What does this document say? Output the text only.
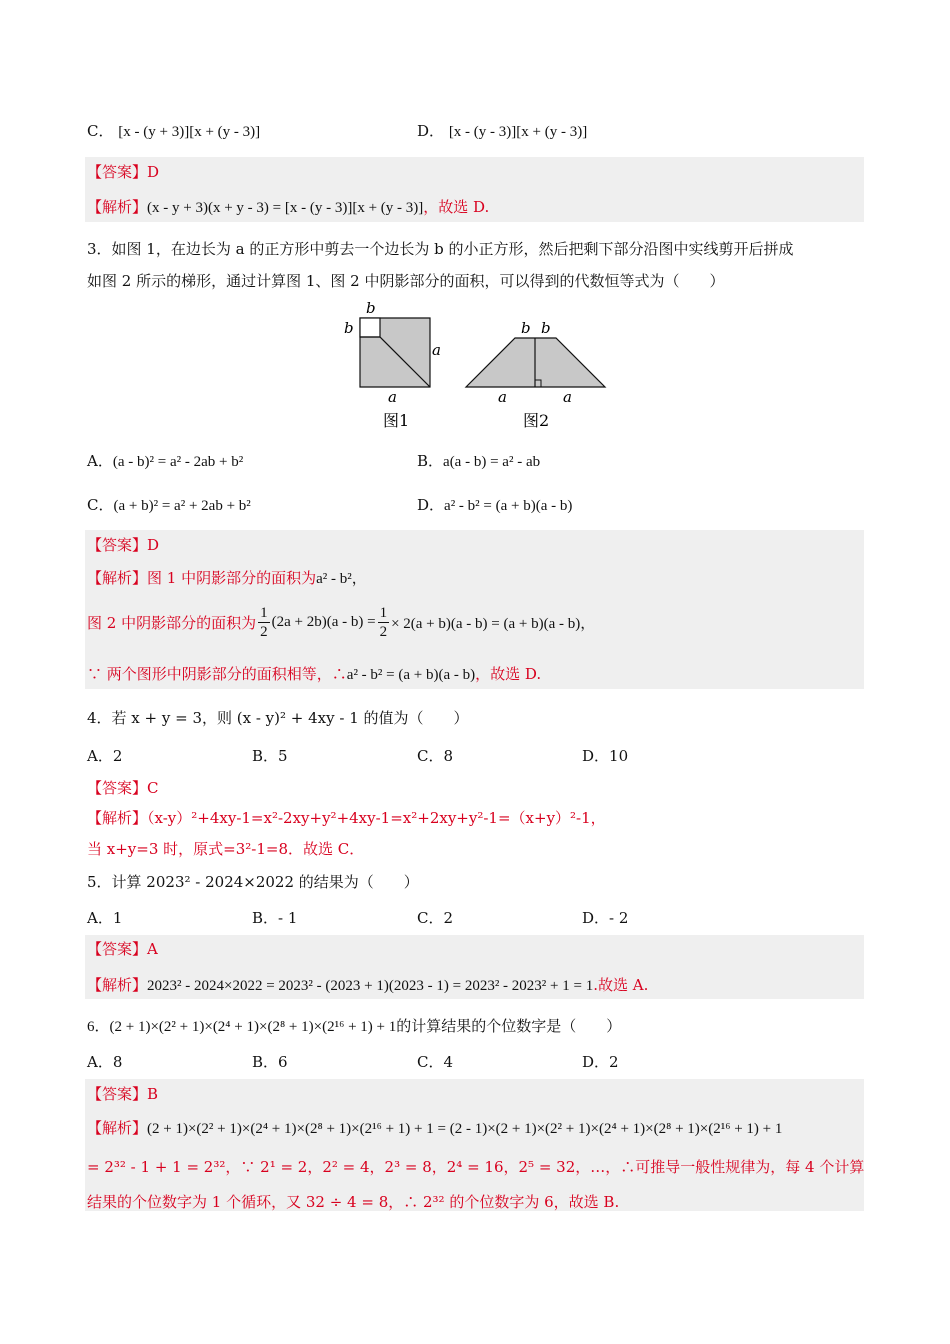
C． [x - (y + 3)][x + (y - 3)]	D． [x - (y - 3)][x + (y - 3)]
【答案】D
【解析】(x - y + 3)(x + y - 3) = [x - (y - 3)][x + (y - 3)]，故选 D.
3．如图 1，在边长为 a 的正方形中剪去一个边长为 b 的小正方形，然后把剩下部分沿图中实线剪开后拼成
如图 2 所示的梯形，通过计算图 1、图 2 中阴影部分的面积，可以得到的代数恒等式为（　　）
b
b
a
a
图1
b b
a	a
图2
A．(a - b)² = a² - 2ab + b²	B．a(a - b) = a² - ab
C．(a + b)² = a² + 2ab + b²	D．a² - b² = (a + b)(a - b)
【答案】D
【解析】图 1 中阴影部分的面积为a² - b²，
图 2 中阴影部分的面积为 $\frac{1}{2} (2a + 2b)(a - b) = \frac{1}{2} \times 2(a + b)(a - b) = (a + b)(a - b)$，
∵ 两个图形中阴影部分的面积相等，∴a² - b² = (a + b)(a - b)，故选 D.
4．若 x + y = 3，则 (x - y)² + 4xy - 1 的值为（　　）
A．2	B．5	C．8	D．10
【答案】C
【解析】（x-y）²+4xy-1=x²-2xy+y²+4xy-1=x²+2xy+y²-1=（x+y）²-1，
当 x+y=3 时，原式=3²-1=8．故选 C．
5．计算 2023² - 2024×2022 的结果为（　　）
A．1	B．- 1	C．2	D．- 2
【答案】A
【解析】2023² - 2024×2022 = 2023² - (2023 + 1)(2023 - 1) = 2023² - 2023² + 1 = 1.故选 A.
6．(2 + 1)×(2² + 1)×(2⁴ + 1)×(2⁸ + 1)×(2¹⁶ + 1) + 1的计算结果的个位数字是（　　）
A．8	B．6	C．4	D．2
【答案】B
【解析】(2 + 1)×(2² + 1)×(2⁴ + 1)×(2⁸ + 1)×(2¹⁶ + 1) + 1 = (2 - 1)×(2 + 1)×(2² + 1)×(2⁴ + 1)×(2⁸ + 1)×(2¹⁶ + 1) + 1
= 2³² - 1 + 1 = 2³²，∵ 2¹ = 2，2² = 4，2³ = 8，2⁴ = 16，2⁵ = 32，…，∴可推导一般性规律为，每 4 个计算
结果的个位数字为 1 个循环，又 32 ÷ 4 = 8，∴ 2³² 的个位数字为 6，故选 B.
